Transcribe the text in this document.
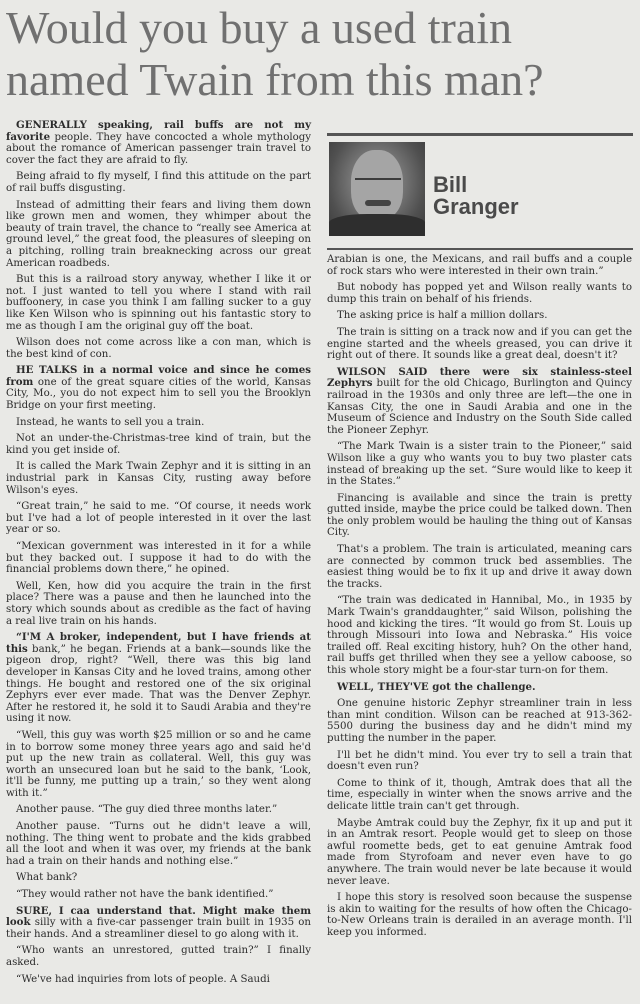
Would you buy a used train
named Twain from this man?

GENERALLY speaking, rail buffs are not my favorite people. They have concocted a whole mythology about the romance of American passenger train travel to cover the fact they are afraid to fly.

Being afraid to fly myself, I find this attitude on the part of rail buffs disgusting.

Instead of admitting their fears and living them down like grown men and women, they whimper about the beauty of train travel, the chance to “really see America at ground level,” the great food, the pleasures of sleeping on a pitching, rolling train breaknecking across our great American roadbeds.

But this is a railroad story anyway, whether I like it or not. I just wanted to tell you where I stand with rail buffoonery, in case you think I am falling sucker to a guy like Ken Wilson who is spinning out his fantastic story to me as though I am the original guy off the boat.

Wilson does not come across like a con man, which is the best kind of con.

HE TALKS in a normal voice and since he comes from one of the great square cities of the world, Kansas City, Mo., you do not expect him to sell you the Brooklyn Bridge on your first meeting.

Instead, he wants to sell you a train.

Not an under-the-Christmas-tree kind of train, but the kind you get inside of.

It is called the Mark Twain Zephyr and it is sitting in an industrial park in Kansas City, rusting away before Wilson's eyes.

“Great train,” he said to me. “Of course, it needs work but I've had a lot of people interested in it over the last year or so.

“Mexican government was interested in it for a while but they backed out. I suppose it had to do with the financial problems down there,” he opined.

Well, Ken, how did you acquire the train in the first place? There was a pause and then he launched into the story which sounds about as credible as the fact of having a real live train on his hands.

“I'M A broker, independent, but I have friends at this bank,” he began. Friends at a bank—sounds like the pigeon drop, right? “Well, there was this big land developer in Kansas City and he loved trains, among other things. He bought and restored one of the six original Zephyrs ever ever made. That was the Denver Zephyr. After he restored it, he sold it to Saudi Arabia and they're using it now.

“Well, this guy was worth $25 million or so and he came in to borrow some money three years ago and said he'd put up the new train as collateral. Well, this guy was worth an unsecured loan but he said to the bank, ‘Look, it'll be funny, me putting up a train,’ so they went along with it.”

Another pause. “The guy died three months later.”

Another pause. “Turns out he didn't leave a will, nothing. The thing went to probate and the kids grabbed all the loot and when it was over, my friends at the bank had a train on their hands and nothing else.”

What bank?

“They would rather not have the bank identified.”

SURE, I caa understand that. Might make them look silly with a five-car passenger train built in 1935 on their hands. And a streamliner diesel to go along with it.

“Who wants an unrestored, gutted train?” I finally asked.

“We've had inquiries from lots of people. A Saudi

Bill
Granger

Arabian is one, the Mexicans, and rail buffs and a couple of rock stars who were interested in their own train.”

But nobody has popped yet and Wilson really wants to dump this train on behalf of his friends.

The asking price is half a million dollars.

The train is sitting on a track now and if you can get the engine started and the wheels greased, you can drive it right out of there. It sounds like a great deal, doesn't it?

WILSON SAID there were six stainless-steel Zephyrs built for the old Chicago, Burlington and Quincy railroad in the 1930s and only three are left—the one in Kansas City, the one in Saudi Arabia and one in the Museum of Science and Industry on the South Side called the Pioneer Zephyr.

“The Mark Twain is a sister train to the Pioneer,” said Wilson like a guy who wants you to buy two plaster cats instead of breaking up the set. “Sure would like to keep it in the States.”

Financing is available and since the train is pretty gutted inside, maybe the price could be talked down. Then the only problem would be hauling the thing out of Kansas City.

That's a problem. The train is articulated, meaning cars are connected by common truck bed assemblies. The easiest thing would be to fix it up and drive it away down the tracks.

“The train was dedicated in Hannibal, Mo., in 1935 by Mark Twain's granddaughter,” said Wilson, polishing the hood and kicking the tires. “It would go from St. Louis up through Missouri into Iowa and Nebraska.” His voice trailed off. Real exciting history, huh? On the other hand, rail buffs get thrilled when they see a yellow caboose, so this whole story might be a four-star turn-on for them.

WELL, THEY'VE got the challenge.

One genuine historic Zephyr streamliner train in less than mint condition. Wilson can be reached at 913-362-5500 during the business day and he didn't mind my putting the number in the paper.

I'll bet he didn't mind. You ever try to sell a train that doesn't even run?

Come to think of it, though, Amtrak does that all the time, especially in winter when the snows arrive and the delicate little train can't get through.

Maybe Amtrak could buy the Zephyr, fix it up and put it in an Amtrak resort. People would get to sleep on those awful roomette beds, get to eat genuine Amtrak food made from Styrofoam and never even have to go anywhere. The train would never be late because it would never leave.

I hope this story is resolved soon because the suspense is akin to waiting for the results of how often the Chicago-to-New Orleans train is derailed in an average month. I'll keep you informed.
